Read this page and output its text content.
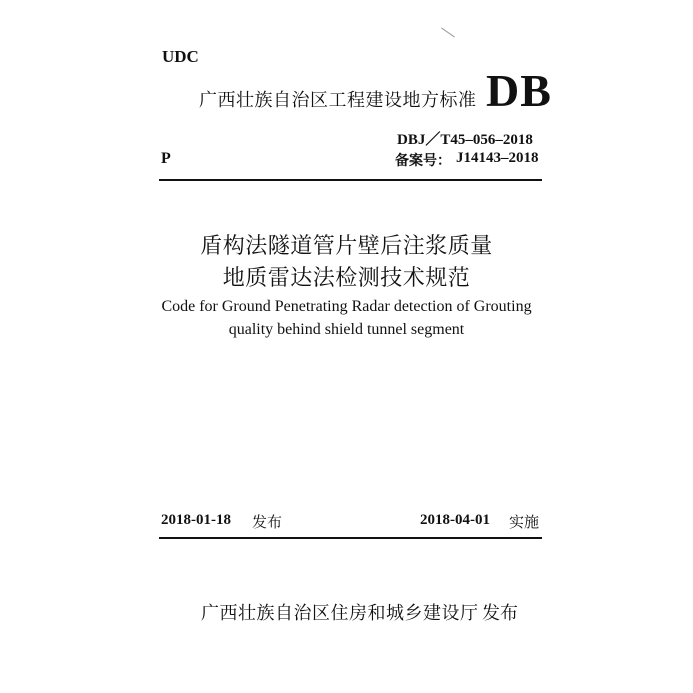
UDC
广西壮族自治区工程建设地方标准 DB
DBJ／T45–056–2018
P	备案号： J14143–2018
盾构法隧道管片壁后注浆质量
地质雷达法检测技术规范
Code for Ground Penetrating Radar detection of Grouting
quality behind shield tunnel segment
2018-01-18 发布	2018-04-01 实施
广西壮族自治区住房和城乡建设厅 发布
